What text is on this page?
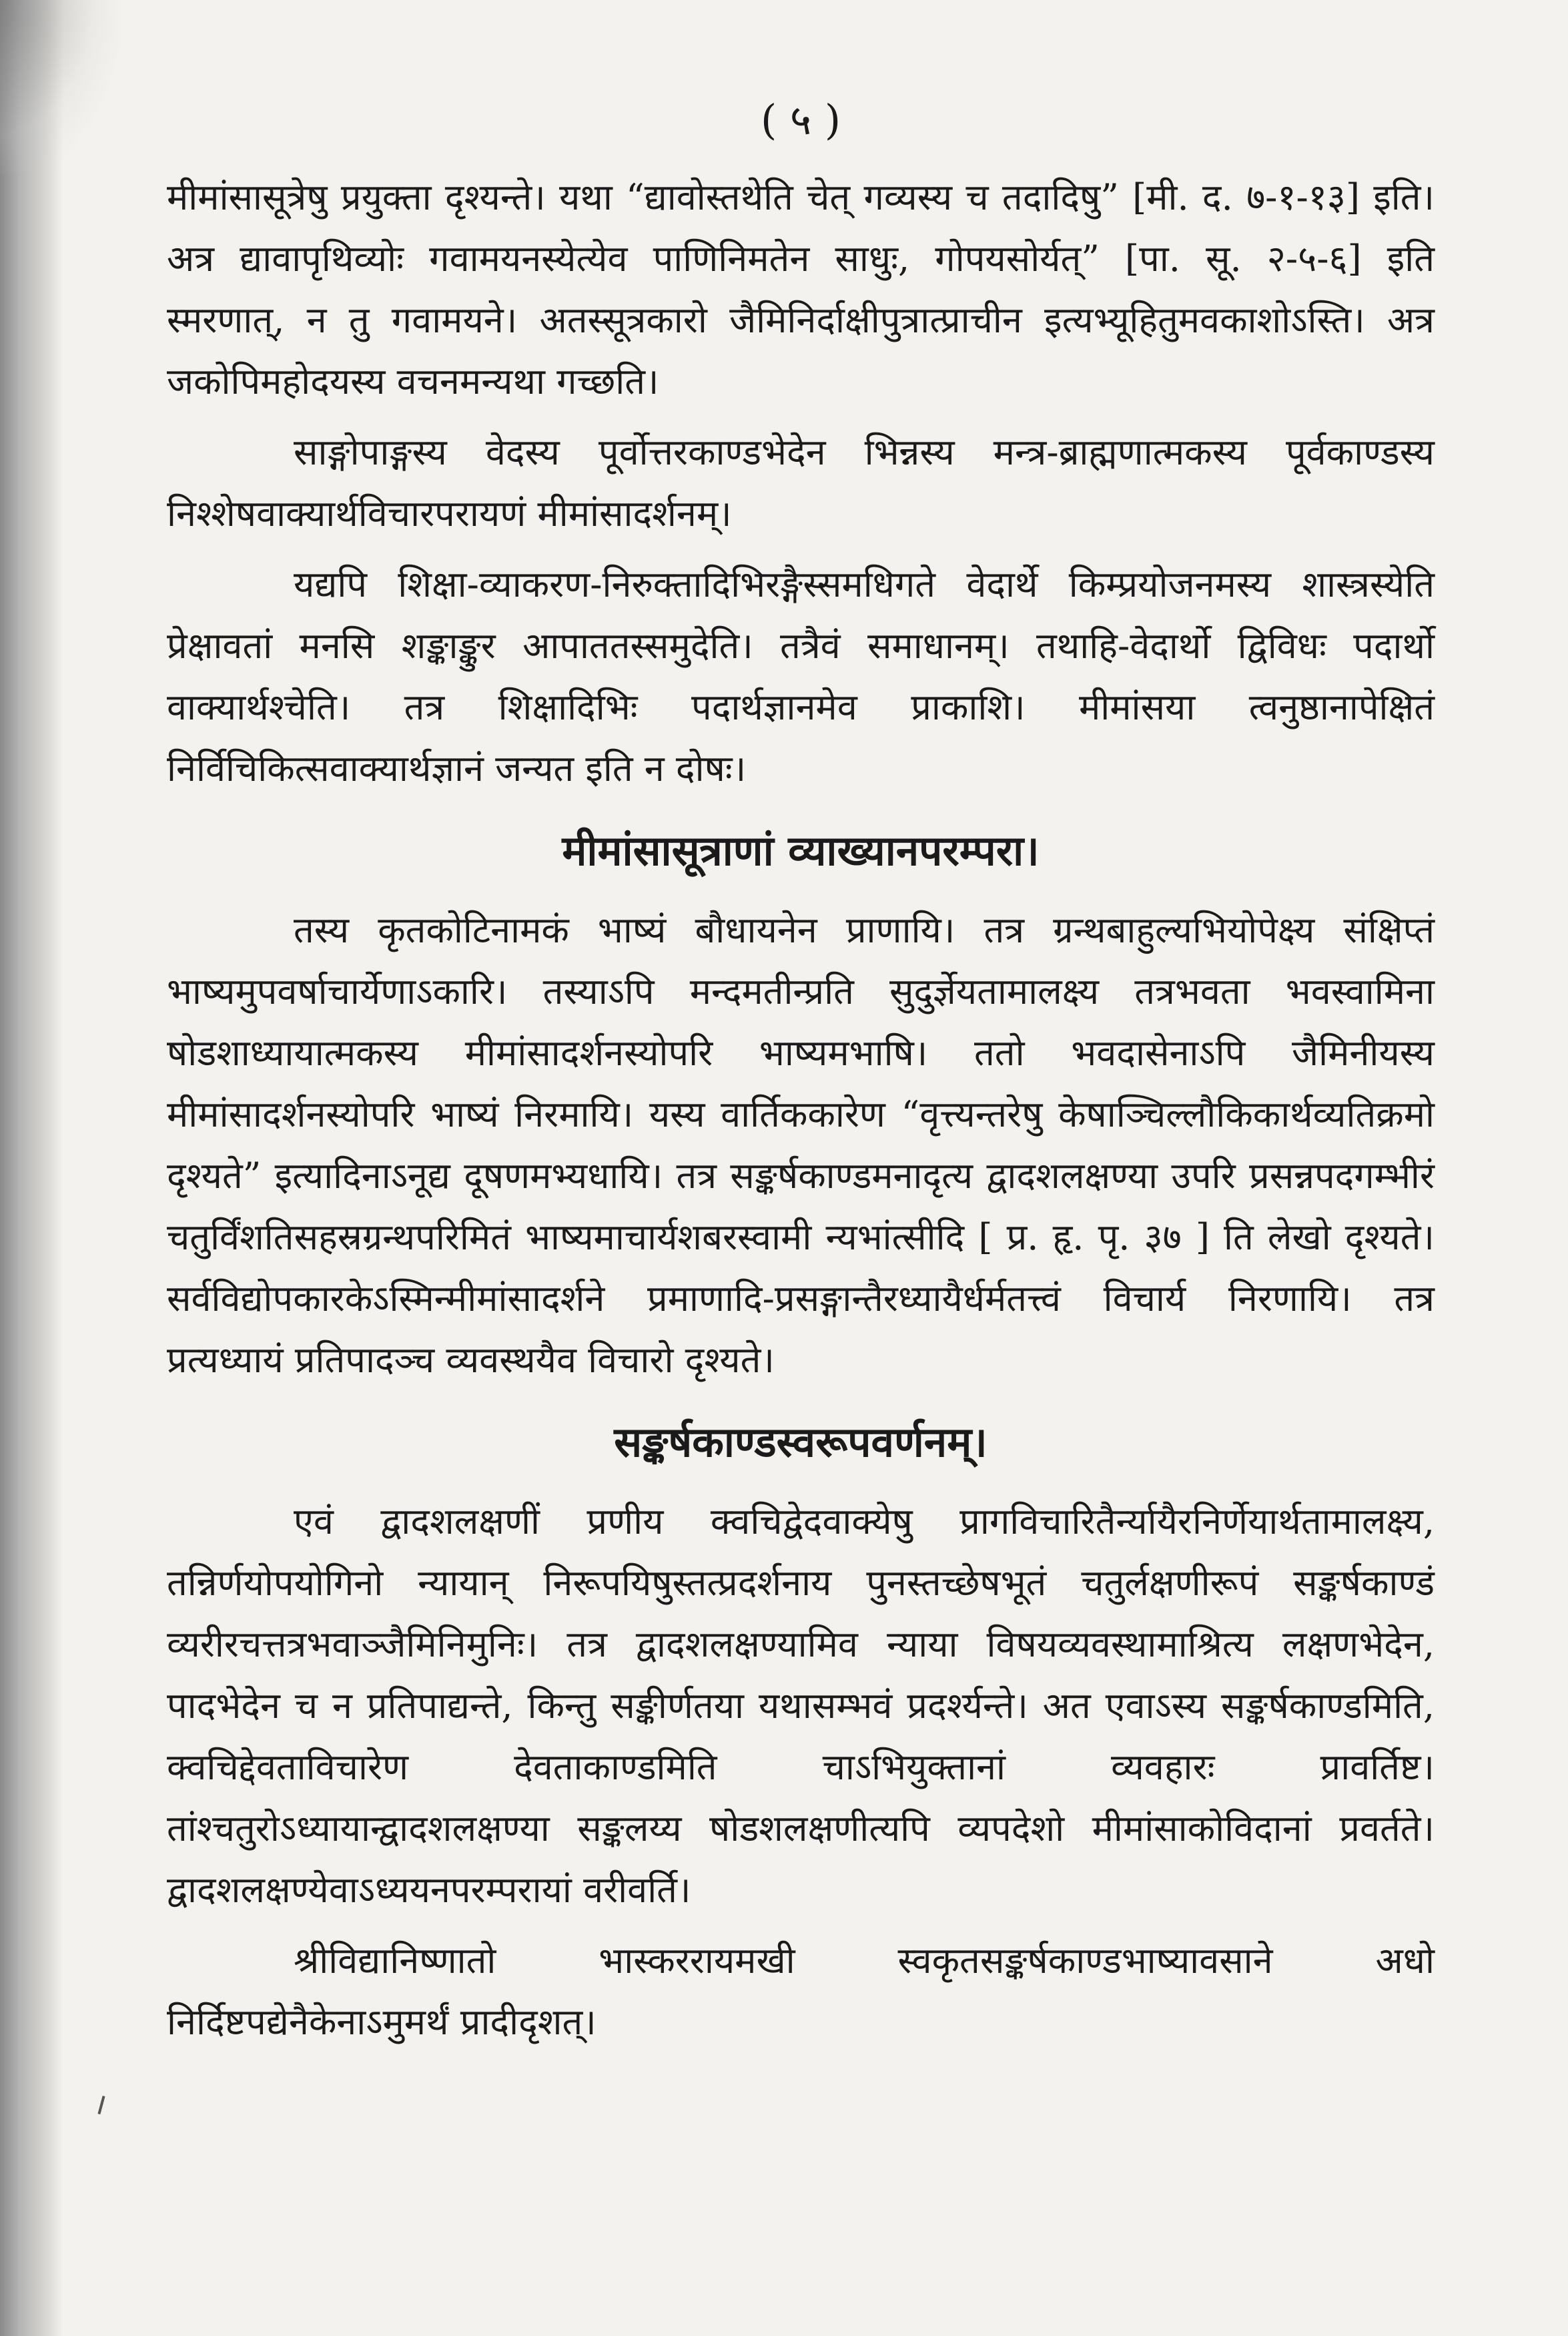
( ५ )

मीमांसासूत्रेषु प्रयुक्ता दृश्यन्ते। यथा “द्यावोस्तथेति चेत् गव्यस्य च तदादिषु” [मी. द. ७-१-१३] इति। अत्र द्यावापृथिव्योः गवामयनस्येत्येव पाणिनिमतेन साधुः, गोपयसोर्यत्” [पा. सू. २-५-६] इति स्मरणात्, न तु गवामयने। अतस्सूत्रकारो जैमिनिर्दाक्षीपुत्रात्प्राचीन इत्यभ्यूहितुमवकाशोऽस्ति। अत्र जकोपिमहोदयस्य वचनमन्यथा गच्छति।

साङ्गोपाङ्गस्य वेदस्य पूर्वोत्तरकाण्डभेदेन भिन्नस्य मन्त्र-ब्राह्मणात्मकस्य पूर्वकाण्डस्य निश्शेषवाक्यार्थविचारपरायणं मीमांसादर्शनम्।

यद्यपि शिक्षा-व्याकरण-निरुक्तादिभिरङ्गैस्समधिगते वेदार्थे किम्प्रयोजनमस्य शास्त्रस्येति प्रेक्षावतां मनसि शङ्काङ्कुर आपाततस्समुदेति। तत्रैवं समाधानम्। तथाहि-वेदार्थो द्विविधः पदार्थो वाक्यार्थश्चेति। तत्र शिक्षादिभिः पदार्थज्ञानमेव प्राकाशि। मीमांसया त्वनुष्ठानापेक्षितं निर्विचिकित्सवाक्यार्थज्ञानं जन्यत इति न दोषः।

मीमांसासूत्राणां व्याख्यानपरम्परा।

तस्य कृतकोटिनामकं भाष्यं बौधायनेन प्राणायि। तत्र ग्रन्थबाहुल्यभियोपेक्ष्य संक्षिप्तं भाष्यमुपवर्षाचार्येणाऽकारि। तस्याऽपि मन्दमतीन्प्रति सुदुर्ज्ञेयतामालक्ष्य तत्रभवता भवस्वामिना षोडशाध्यायात्मकस्य मीमांसादर्शनस्योपरि भाष्यमभाषि। ततो भवदासेनाऽपि जैमिनीयस्य मीमांसादर्शनस्योपरि भाष्यं निरमायि। यस्य वार्तिककारेण “वृत्त्यन्तरेषु केषाञ्चिल्लौकिकार्थव्यतिक्रमो दृश्यते” इत्यादिनाऽनूद्य दूषणमभ्यधायि। तत्र सङ्कर्षकाण्डमनादृत्य द्वादशलक्षण्या उपरि प्रसन्नपदगम्भीरं चतुर्विंशतिसहस्रग्रन्थपरिमितं भाष्यमाचार्यशबरस्वामी न्यभांत्सीदि [ प्र. हृ. पृ. ३७ ] ति लेखो दृश्यते। सर्वविद्योपकारकेऽस्मिन्मीमांसादर्शने प्रमाणादि-प्रसङ्गान्तैरध्यायैर्धर्मतत्त्वं विचार्य निरणायि। तत्र प्रत्यध्यायं प्रतिपादञ्च व्यवस्थयैव विचारो दृश्यते।

सङ्कर्षकाण्डस्वरूपवर्णनम्।

एवं द्वादशलक्षणीं प्रणीय क्वचिद्वेदवाक्येषु प्रागविचारितैर्न्यायैरनिर्णेयार्थतामालक्ष्य, तन्निर्णयोपयोगिनो न्यायान् निरूपयिषुस्तत्प्रदर्शनाय पुनस्तच्छेषभूतं चतुर्लक्षणीरूपं सङ्कर्षकाण्डं व्यरीरचत्तत्रभवाञ्जैमिनिमुनिः। तत्र द्वादशलक्षण्यामिव न्याया विषयव्यवस्थामाश्रित्य लक्षणभेदेन, पादभेदेन च न प्रतिपाद्यन्ते, किन्तु सङ्कीर्णतया यथासम्भवं प्रदर्श्यन्ते। अत एवाऽस्य सङ्कर्षकाण्डमिति, क्वचिद्देवताविचारेण देवताकाण्डमिति चाऽभियुक्तानां व्यवहारः प्रावर्तिष्ट। तांश्चतुरोऽध्यायान्द्वादशलक्षण्या सङ्कलय्य षोडशलक्षणीत्यपि व्यपदेशो मीमांसाकोविदानां प्रवर्तते। द्वादशलक्षण्येवाऽध्ययनपरम्परायां वरीवर्ति।

श्रीविद्यानिष्णातो भास्कररायमखी स्वकृतसङ्कर्षकाण्डभाष्यावसाने अधो निर्दिष्टपद्येनैकेनाऽमुमर्थं प्रादीदृशत्।
